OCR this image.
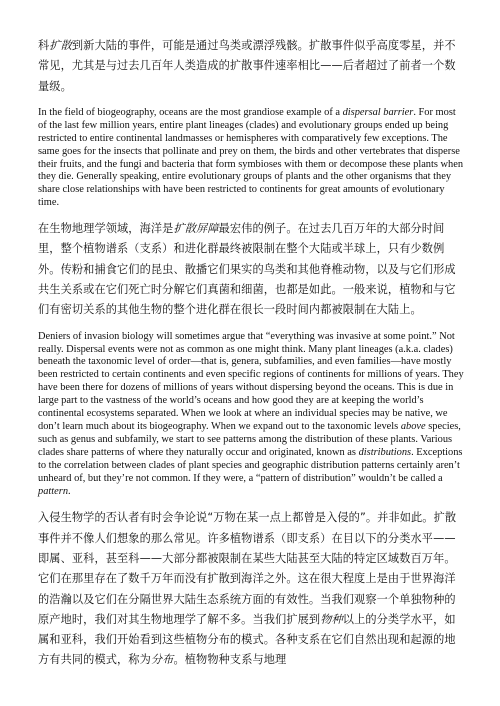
科扩散到新大陆的事件，可能是通过鸟类或漂浮残骸。扩散事件似乎高度零星，并不常见，尤其是与过去几百年人类造成的扩散事件速率相比——后者超过了前者一个数量级。

In the field of biogeography, oceans are the most grandiose example of a dispersal barrier. For most of the last few million years, entire plant lineages (clades) and evolutionary groups ended up being restricted to entire continental landmasses or hemispheres with comparatively few exceptions. The same goes for the insects that pollinate and prey on them, the birds and other vertebrates that disperse their fruits, and the fungi and bacteria that form symbioses with them or decompose these plants when they die. Generally speaking, entire evolutionary groups of plants and the other organisms that they share close relationships with have been restricted to continents for great amounts of evolutionary time.

在生物地理学领域，海洋是扩散屏障最宏伟的例子。在过去几百万年的大部分时间里，整个植物谱系（支系）和进化群最终被限制在整个大陆或半球上，只有少数例外。传粉和捕食它们的昆虫、散播它们果实的鸟类和其他脊椎动物，以及与它们形成共生关系或在它们死亡时分解它们真菌和细菌，也都是如此。一般来说，植物和与它们有密切关系的其他生物的整个进化群在很长一段时间内都被限制在大陆上。

Deniers of invasion biology will sometimes argue that “everything was invasive at some point.” Not really. Dispersal events were not as common as one might think. Many plant lineages (a.k.a. clades) beneath the taxonomic level of order—that is, genera, subfamilies, and even families—have mostly been restricted to certain continents and even specific regions of continents for millions of years. They have been there for dozens of millions of years without dispersing beyond the oceans. This is due in large part to the vastness of the world’s oceans and how good they are at keeping the world’s continental ecosystems separated. When we look at where an individual species may be native, we don’t learn much about its biogeography. When we expand out to the taxonomic levels above species, such as genus and subfamily, we start to see patterns among the distribution of these plants. Various clades share patterns of where they naturally occur and originated, known as distributions. Exceptions to the correlation between clades of plant species and geographic distribution patterns certainly aren’t unheard of, but they’re not common. If they were, a “pattern of distribution” wouldn’t be called a pattern.

入侵生物学的否认者有时会争论说“万物在某一点上都曾是入侵的”。并非如此。扩散事件并不像人们想象的那么常见。许多植物谱系（即支系）在目以下的分类水平——即属、亚科，甚至科——大部分都被限制在某些大陆甚至大陆的特定区域数百万年。它们在那里存在了数千万年而没有扩散到海洋之外。这在很大程度上是由于世界海洋的浩瀚以及它们在分隔世界大陆生态系统方面的有效性。当我们观察一个单独物种的原产地时，我们对其生物地理学了解不多。当我们扩展到物种以上的分类学水平，如属和亚科，我们开始看到这些植物分布的模式。各种支系在它们自然出现和起源的地方有共同的模式，称为分布。植物物种支系与地理
